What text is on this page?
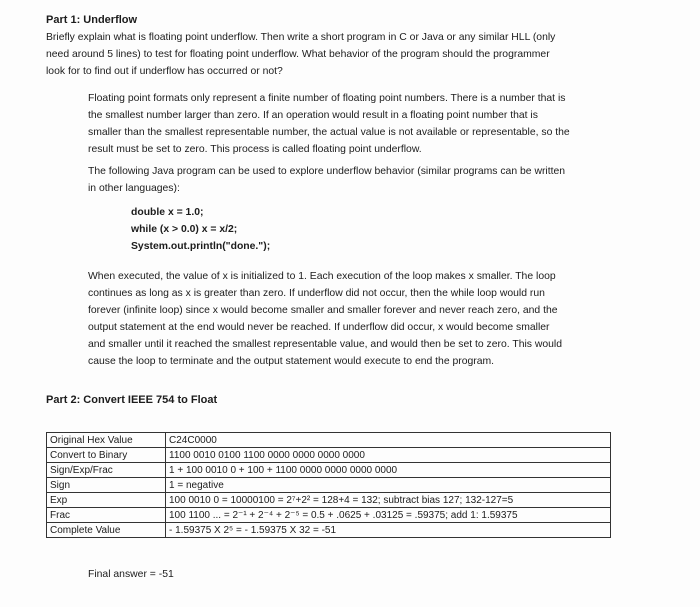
Part 1: Underflow
Briefly explain what is floating point underflow. Then write a short program in C or Java or any similar HLL (only
need around 5 lines) to test for floating point underflow. What behavior of the program should the programmer
look for to find out if underflow has occurred or not?
Floating point formats only represent a finite number of floating point numbers. There is a number that is
the smallest number larger than zero. If an operation would result in a floating point number that is
smaller than the smallest representable number, the actual value is not available or representable, so the
result must be set to zero. This process is called floating point underflow.
The following Java program can be used to explore underflow behavior (similar programs can be written
in other languages):
double x = 1.0;
while (x > 0.0) x = x/2;
System.out.println("done.");
When executed, the value of x is initialized to 1. Each execution of the loop makes x smaller. The loop
continues as long as x is greater than zero. If underflow did not occur, then the while loop would run
forever (infinite loop) since x would become smaller and smaller forever and never reach zero, and the
output statement at the end would never be reached. If underflow did occur, x would become smaller
and smaller until it reached the smallest representable value, and would then be set to zero. This would
cause the loop to terminate and the output statement would execute to end the program.
Part 2: Convert IEEE 754 to Float
Original Hex Value	C24C0000
Convert to Binary	1100 0010 0100 1100 0000 0000 0000 0000
Sign/Exp/Frac	1 + 100 0010 0 + 100 + 1100 0000 0000 0000 0000
Sign	1 = negative
Exp	100 0010 0 = 10000100 = 2⁷+2² = 128+4 = 132; subtract bias 127; 132-127=5
Frac	100 1100 ... = 2⁻¹ + 2⁻⁴ + 2⁻⁵ = 0.5 + .0625 + .03125 = .59375; add 1: 1.59375
Complete Value	- 1.59375 X 2⁵ = - 1.59375 X 32 = -51
Final answer = -51
